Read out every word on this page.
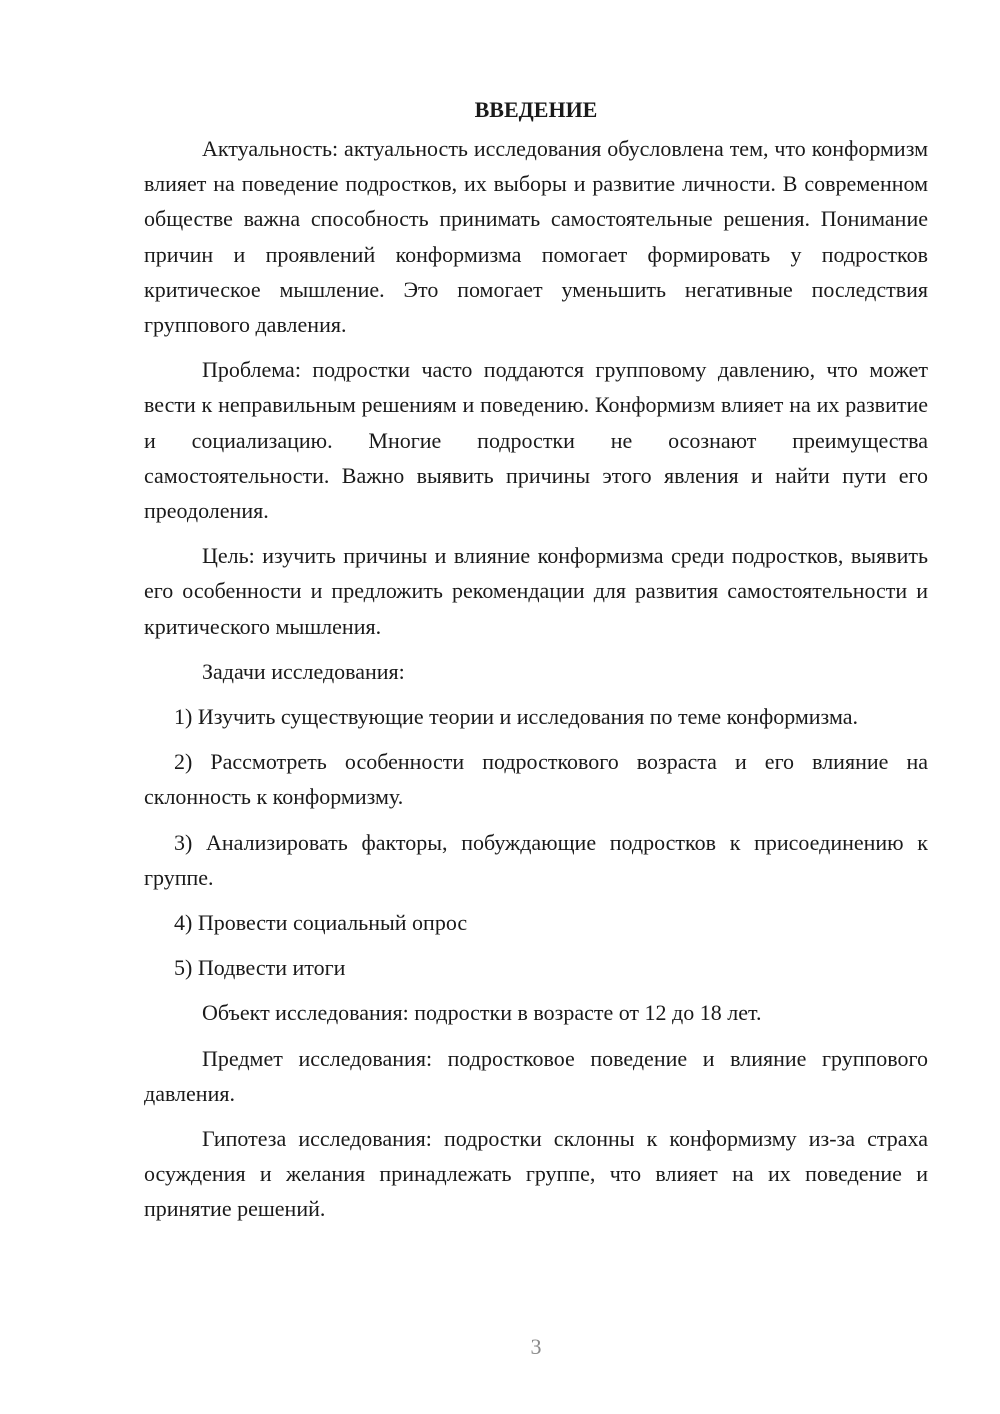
ВВЕДЕНИЕ

Актуальность: актуальность исследования обусловлена тем, что конформизм влияет на поведение подростков, их выборы и развитие личности. В современном обществе важна способность принимать самостоятельные решения. Понимание причин и проявлений конформизма помогает формировать у подростков критическое мышление. Это помогает уменьшить негативные последствия группового давления.

Проблема: подростки часто поддаются групповому давлению, что может вести к неправильным решениям и поведению. Конформизм влияет на их развитие и социализацию. Многие подростки не осознают преимущества самостоятельности. Важно выявить причины этого явления и найти пути его преодоления.

Цель: изучить причины и влияние конформизма среди подростков, выявить его особенности и предложить рекомендации для развития самостоятельности и критического мышления.

Задачи исследования:

1) Изучить существующие теории и исследования по теме конформизма.

2) Рассмотреть особенности подросткового возраста и его влияние на склонность к конформизму.

3) Анализировать факторы, побуждающие подростков к присоединению к группе.

4) Провести социальный опрос

5) Подвести итоги

Объект исследования: подростки в возрасте от 12 до 18 лет.

Предмет исследования: подростковое поведение и влияние группового давления.

Гипотеза исследования: подростки склонны к конформизму из-за страха осуждения и желания принадлежать группе, что влияет на их поведение и принятие решений.

3
